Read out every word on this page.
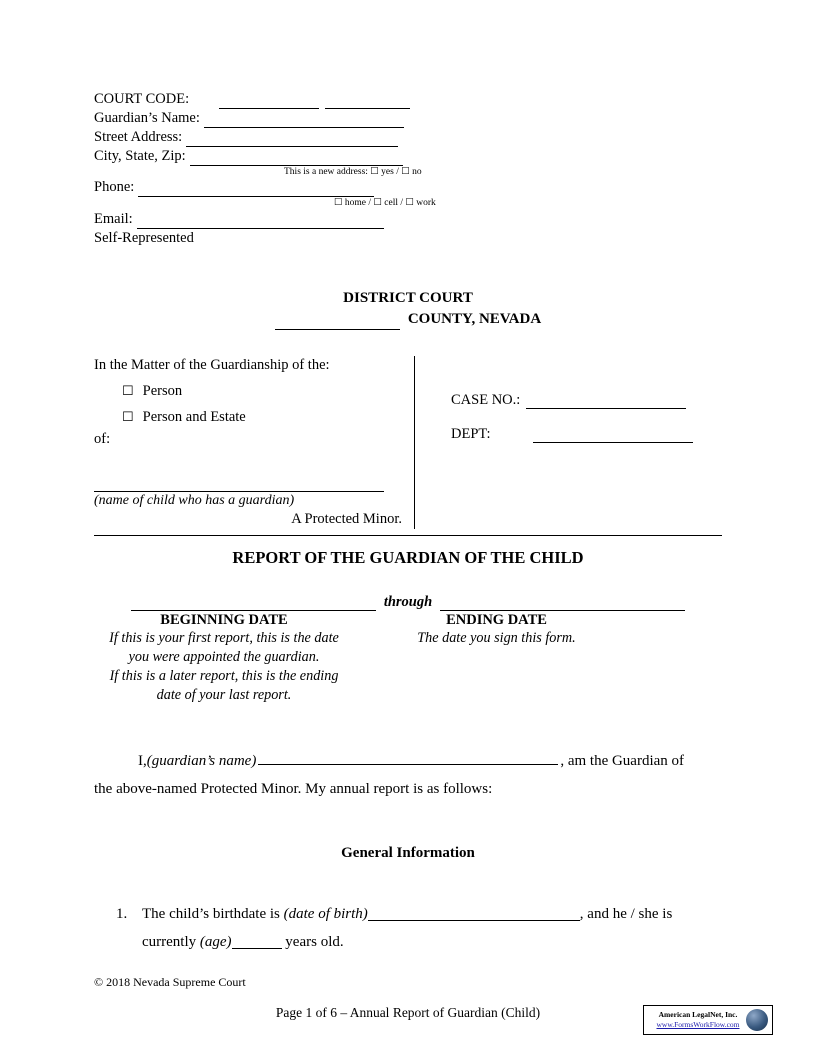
COURT CODE:
Guardian’s Name:
Street Address:
City, State, Zip:
This is a new address: ☐ yes / ☐ no
Phone:
☐ home / ☐ cell / ☐ work
Email:
Self-Represented
DISTRICT COURT
COUNTY, NEVADA
In the Matter of the Guardianship of the:
☐ Person
☐ Person and Estate
of:
(name of child who has a guardian)
A Protected Minor.
CASE NO.:
DEPT:
REPORT OF THE GUARDIAN OF THE CHILD
through
BEGINNING DATE	ENDING DATE
If this is your first report, this is the date
you were appointed the guardian.
If this is a later report, this is the ending
date of your last report.
The date you sign this form.
I, (guardian’s name)	, am the Guardian of
the above-named Protected Minor. My annual report is as follows:
General Information
1. The child’s birthdate is (date of birth)	, and he / she is
currently (age)	years old.
© 2018 Nevada Supreme Court
Page 1 of 6 – Annual Report of Guardian (Child)	American LegalNet, Inc.
www.FormsWorkFlow.com
